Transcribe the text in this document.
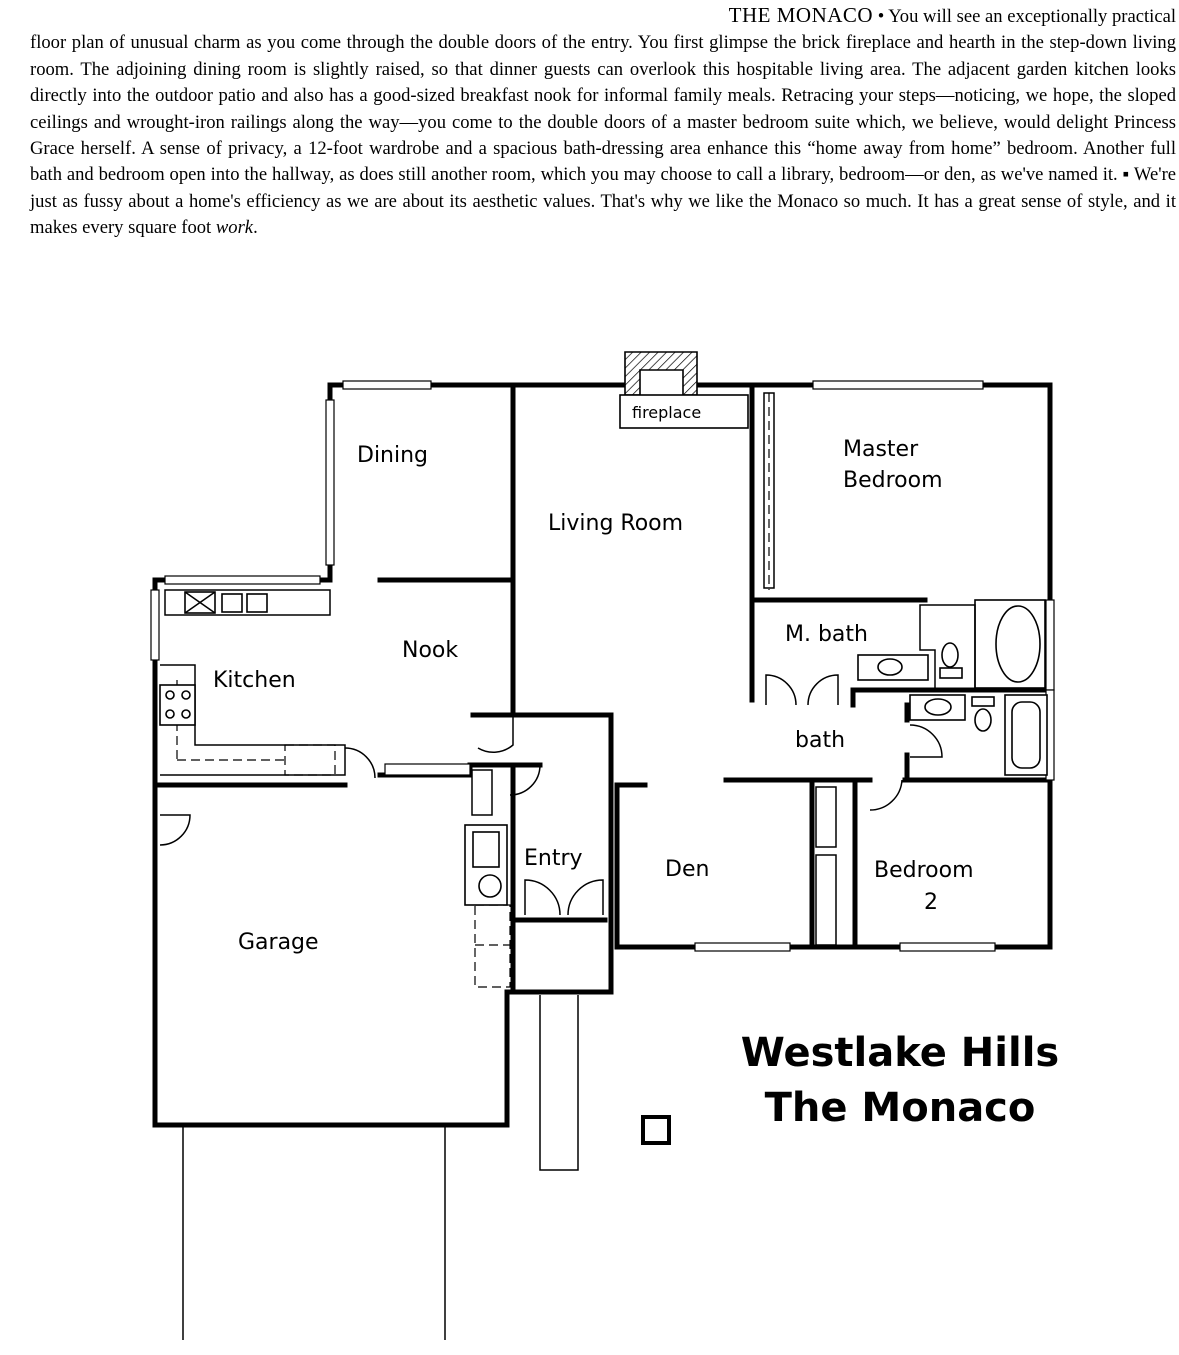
THE MONACO • You will see an exceptionally practical
floor plan of unusual charm as you come through the double doors of the entry. You first glimpse the brick fireplace and hearth in the step-down living room. The adjoining dining room is slightly raised, so that dinner guests can overlook this hospitable living area. The adjacent garden kitchen looks directly into the outdoor patio and also has a good-sized breakfast nook for informal family meals. Retracing your steps—noticing, we hope, the sloped ceilings and wrought-iron railings along the way—you come to the double doors of a master bedroom suite which, we believe, would delight Princess Grace herself. A sense of privacy, a 12-foot wardrobe and a spacious bath-dressing area enhance this “home away from home” bedroom. Another full bath and bedroom open into the hallway, as does still another room, which you may choose to call a library, bedroom—or den, as we've named it. ▪ We're just as fussy about a home's efficiency as we are about its aesthetic values. That's why we like the Monaco so much. It has a great sense of style, and it makes every square foot work.

fireplace
Dining
Living Room
Master
Bedroom
M. bath
Nook
Kitchen
bath
Entry	Den	Bedroom
2
Garage
Westlake Hills
The Monaco
